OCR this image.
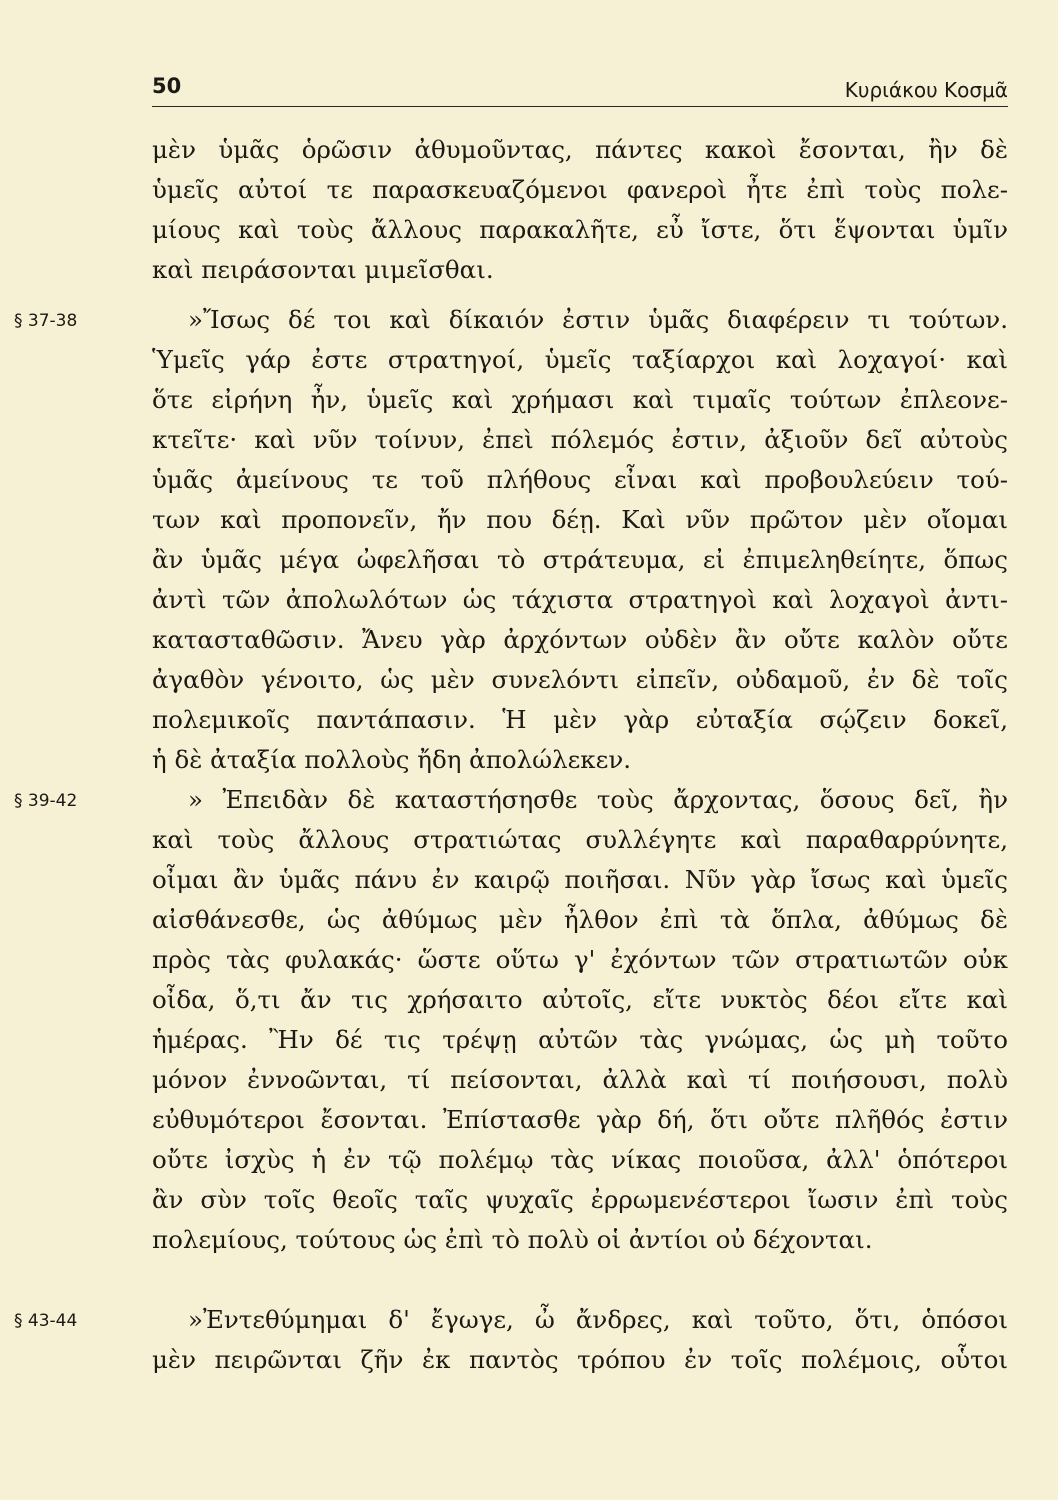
50	Κυριάκου Κοσμᾶ
§ 37-38
§ 39-42
§ 43-44
μὲν ὑμᾶς ὁρῶσιν ἀθυμοῦντας, πάντες κακοὶ ἔσονται, ἢν δὲ
ὑμεῖς αὐτοί τε παρασκευαζόμενοι φανεροὶ ἦτε ἐπὶ τοὺς πολε-
μίους καὶ τοὺς ἄλλους παρακαλῆτε, εὖ ἴστε, ὅτι ἕψονται ὑμῖν
καὶ πειράσονται μιμεῖσθαι.
»Ἴσως δέ τοι καὶ δίκαιόν ἐστιν ὑμᾶς διαφέρειν τι τούτων.
Ὑμεῖς γάρ ἐστε στρατηγοί, ὑμεῖς ταξίαρχοι καὶ λοχαγοί· καὶ
ὅτε εἰρήνη ἦν, ὑμεῖς καὶ χρήμασι καὶ τιμαῖς τούτων ἐπλεονε-
κτεῖτε· καὶ νῦν τοίνυν, ἐπεὶ πόλεμός ἐστιν, ἀξιοῦν δεῖ αὐτοὺς
ὑμᾶς ἀμείνους τε τοῦ πλήθους εἶναι καὶ προβουλεύειν τού-
των καὶ προπονεῖν, ἤν που δέῃ. Καὶ νῦν πρῶτον μὲν οἴομαι
ἂν ὑμᾶς μέγα ὠφελῆσαι τὸ στράτευμα, εἰ ἐπιμεληθείητε, ὅπως
ἀντὶ τῶν ἀπολωλότων ὡς τάχιστα στρατηγοὶ καὶ λοχαγοὶ ἀντι-
κατασταθῶσιν. Ἄνευ γὰρ ἀρχόντων οὐδὲν ἂν οὔτε καλὸν οὔτε
ἀγαθὸν γένοιτο, ὡς μὲν συνελόντι εἰπεῖν, οὐδαμοῦ, ἐν δὲ τοῖς
πολεμικοῖς παντάπασιν. Ἡ μὲν γὰρ εὐταξία σῴζειν δοκεῖ,
ἡ δὲ ἀταξία πολλοὺς ἤδη ἀπολώλεκεν.
» Ἐπειδὰν δὲ καταστήσησθε τοὺς ἄρχοντας, ὅσους δεῖ, ἢν
καὶ τοὺς ἄλλους στρατιώτας συλλέγητε καὶ παραθαρρύνητε,
οἶμαι ἂν ὑμᾶς πάνυ ἐν καιρῷ ποιῆσαι. Νῦν γὰρ ἴσως καὶ ὑμεῖς
αἰσθάνεσθε, ὡς ἀθύμως μὲν ἦλθον ἐπὶ τὰ ὅπλα, ἀθύμως δὲ
πρὸς τὰς φυλακάς· ὥστε οὕτω γ' ἐχόντων τῶν στρατιωτῶν οὐκ
οἶδα, ὅ,τι ἄν τις χρήσαιτο αὐτοῖς, εἴτε νυκτὸς δέοι εἴτε καὶ
ἡμέρας. Ἢν δέ τις τρέψῃ αὐτῶν τὰς γνώμας, ὡς μὴ τοῦτο
μόνον ἐννοῶνται, τί πείσονται, ἀλλὰ καὶ τί ποιήσουσι, πολὺ
εὐθυμότεροι ἔσονται. Ἐπίστασθε γὰρ δή, ὅτι οὔτε πλῆθός ἐστιν
οὔτε ἰσχὺς ἡ ἐν τῷ πολέμῳ τὰς νίκας ποιοῦσα, ἀλλ' ὁπότεροι
ἂν σὺν τοῖς θεοῖς ταῖς ψυχαῖς ἐρρωμενέστεροι ἴωσιν ἐπὶ τοὺς
πολεμίους, τούτους ὡς ἐπὶ τὸ πολὺ οἱ ἀντίοι οὐ δέχονται.
»Ἐντεθύμημαι δ' ἔγωγε, ὦ ἄνδρες, καὶ τοῦτο, ὅτι, ὁπόσοι
μὲν πειρῶνται ζῆν ἐκ παντὸς τρόπου ἐν τοῖς πολέμοις, οὗτοι
